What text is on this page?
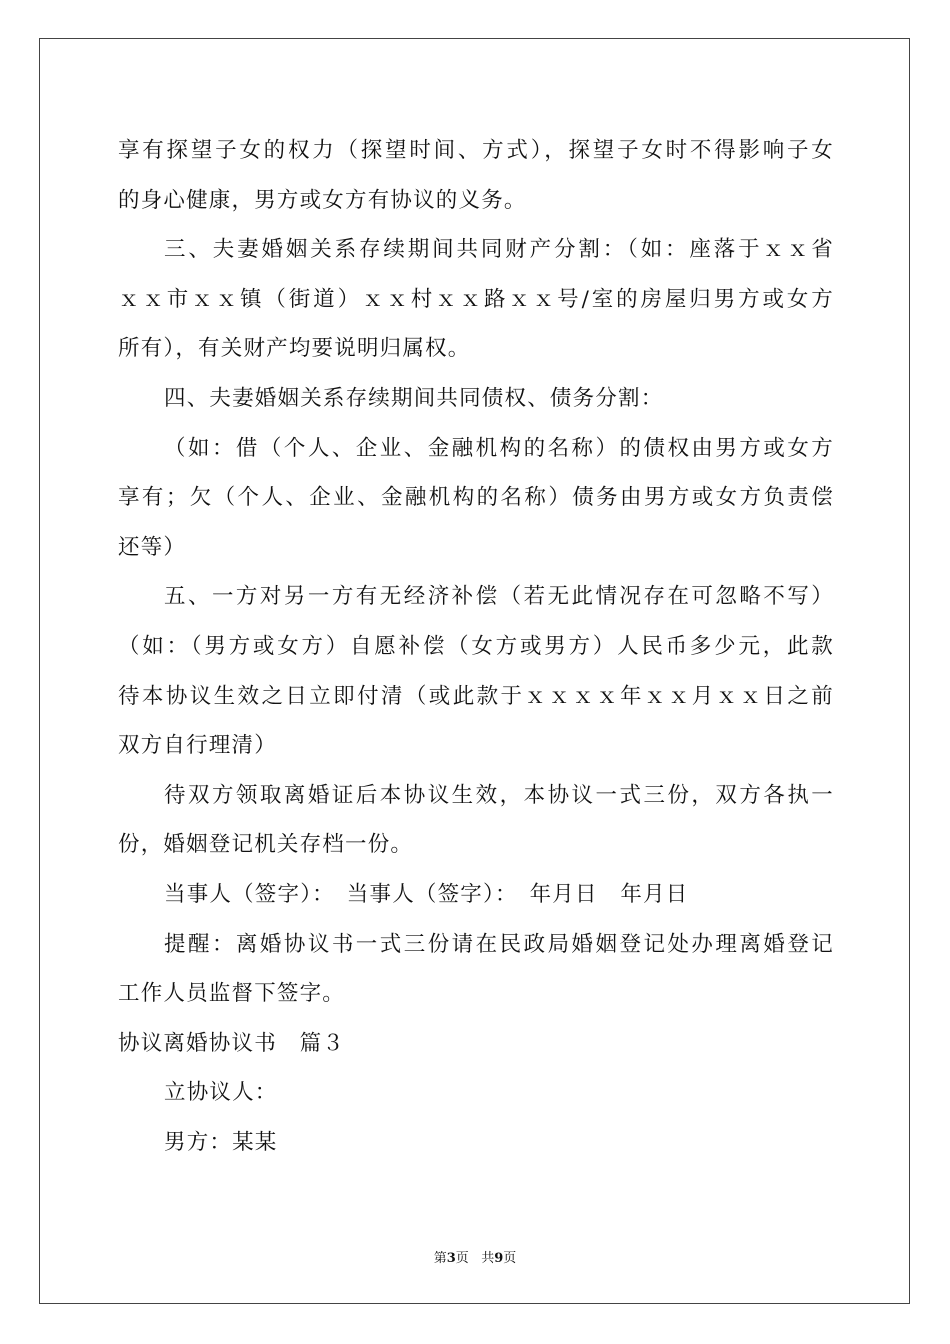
享有探望子女的权力（探望时间、方式），探望子女时不得影响子女
的身心健康，男方或女方有协议的义务。
三、夫妻婚姻关系存续期间共同财产分割：（如：座落于ｘｘ省
ｘｘ市ｘｘ镇（街道）ｘｘ村ｘｘ路ｘｘ号/室的房屋归男方或女方
所有），有关财产均要说明归属权。
四、夫妻婚姻关系存续期间共同债权、债务分割：
（如：借（个人、企业、金融机构的名称）的债权由男方或女方
享有；欠（个人、企业、金融机构的名称）债务由男方或女方负责偿
还等）
五、一方对另一方有无经济补偿（若无此情况存在可忽略不写）
（如：（男方或女方）自愿补偿（女方或男方）人民币多少元，此款
待本协议生效之日立即付清（或此款于ｘｘｘｘ年ｘｘ月ｘｘ日之前
双方自行理清）
待双方领取离婚证后本协议生效，本协议一式三份，双方各执一
份，婚姻登记机关存档一份。
当事人（签字）：　当事人（签字）：　年月日　年月日
提醒：离婚协议书一式三份请在民政局婚姻登记处办理离婚登记
工作人员监督下签字。
协议离婚协议书　篇３
立协议人：
男方：某某
第3页 共9页
